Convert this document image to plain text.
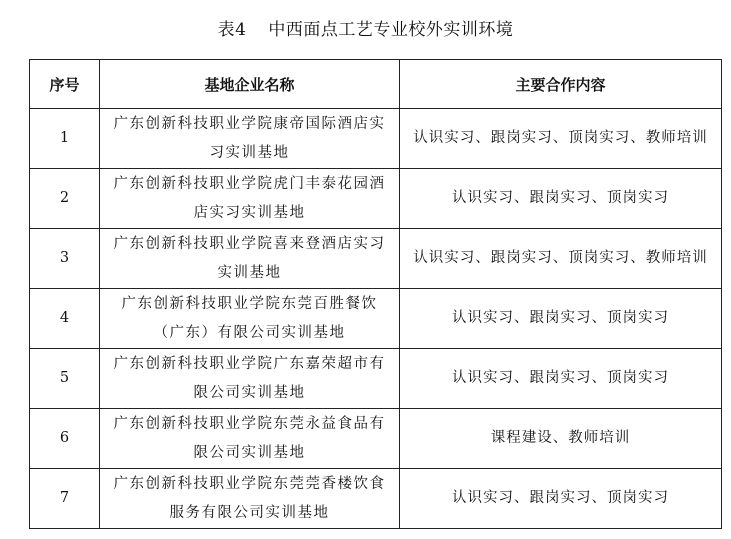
表4 中西面点工艺专业校外实训环境
序号	基地企业名称	主要合作内容
1	广东创新科技职业学院康帝国际酒店实习实训基地	认识实习、跟岗实习、顶岗实习、教师培训
2	广东创新科技职业学院虎门丰泰花园酒店实习实训基地	认识实习、跟岗实习、顶岗实习
3	广东创新科技职业学院喜来登酒店实习实训基地	认识实习、跟岗实习、顶岗实习、教师培训
4	广东创新科技职业学院东莞百胜餐饮（广东）有限公司实训基地	认识实习、跟岗实习、顶岗实习
5	广东创新科技职业学院广东嘉荣超市有限公司实训基地	认识实习、跟岗实习、顶岗实习
6	广东创新科技职业学院东莞永益食品有限公司实训基地	课程建设、教师培训
7	广东创新科技职业学院东莞莞香楼饮食服务有限公司实训基地	认识实习、跟岗实习、顶岗实习
